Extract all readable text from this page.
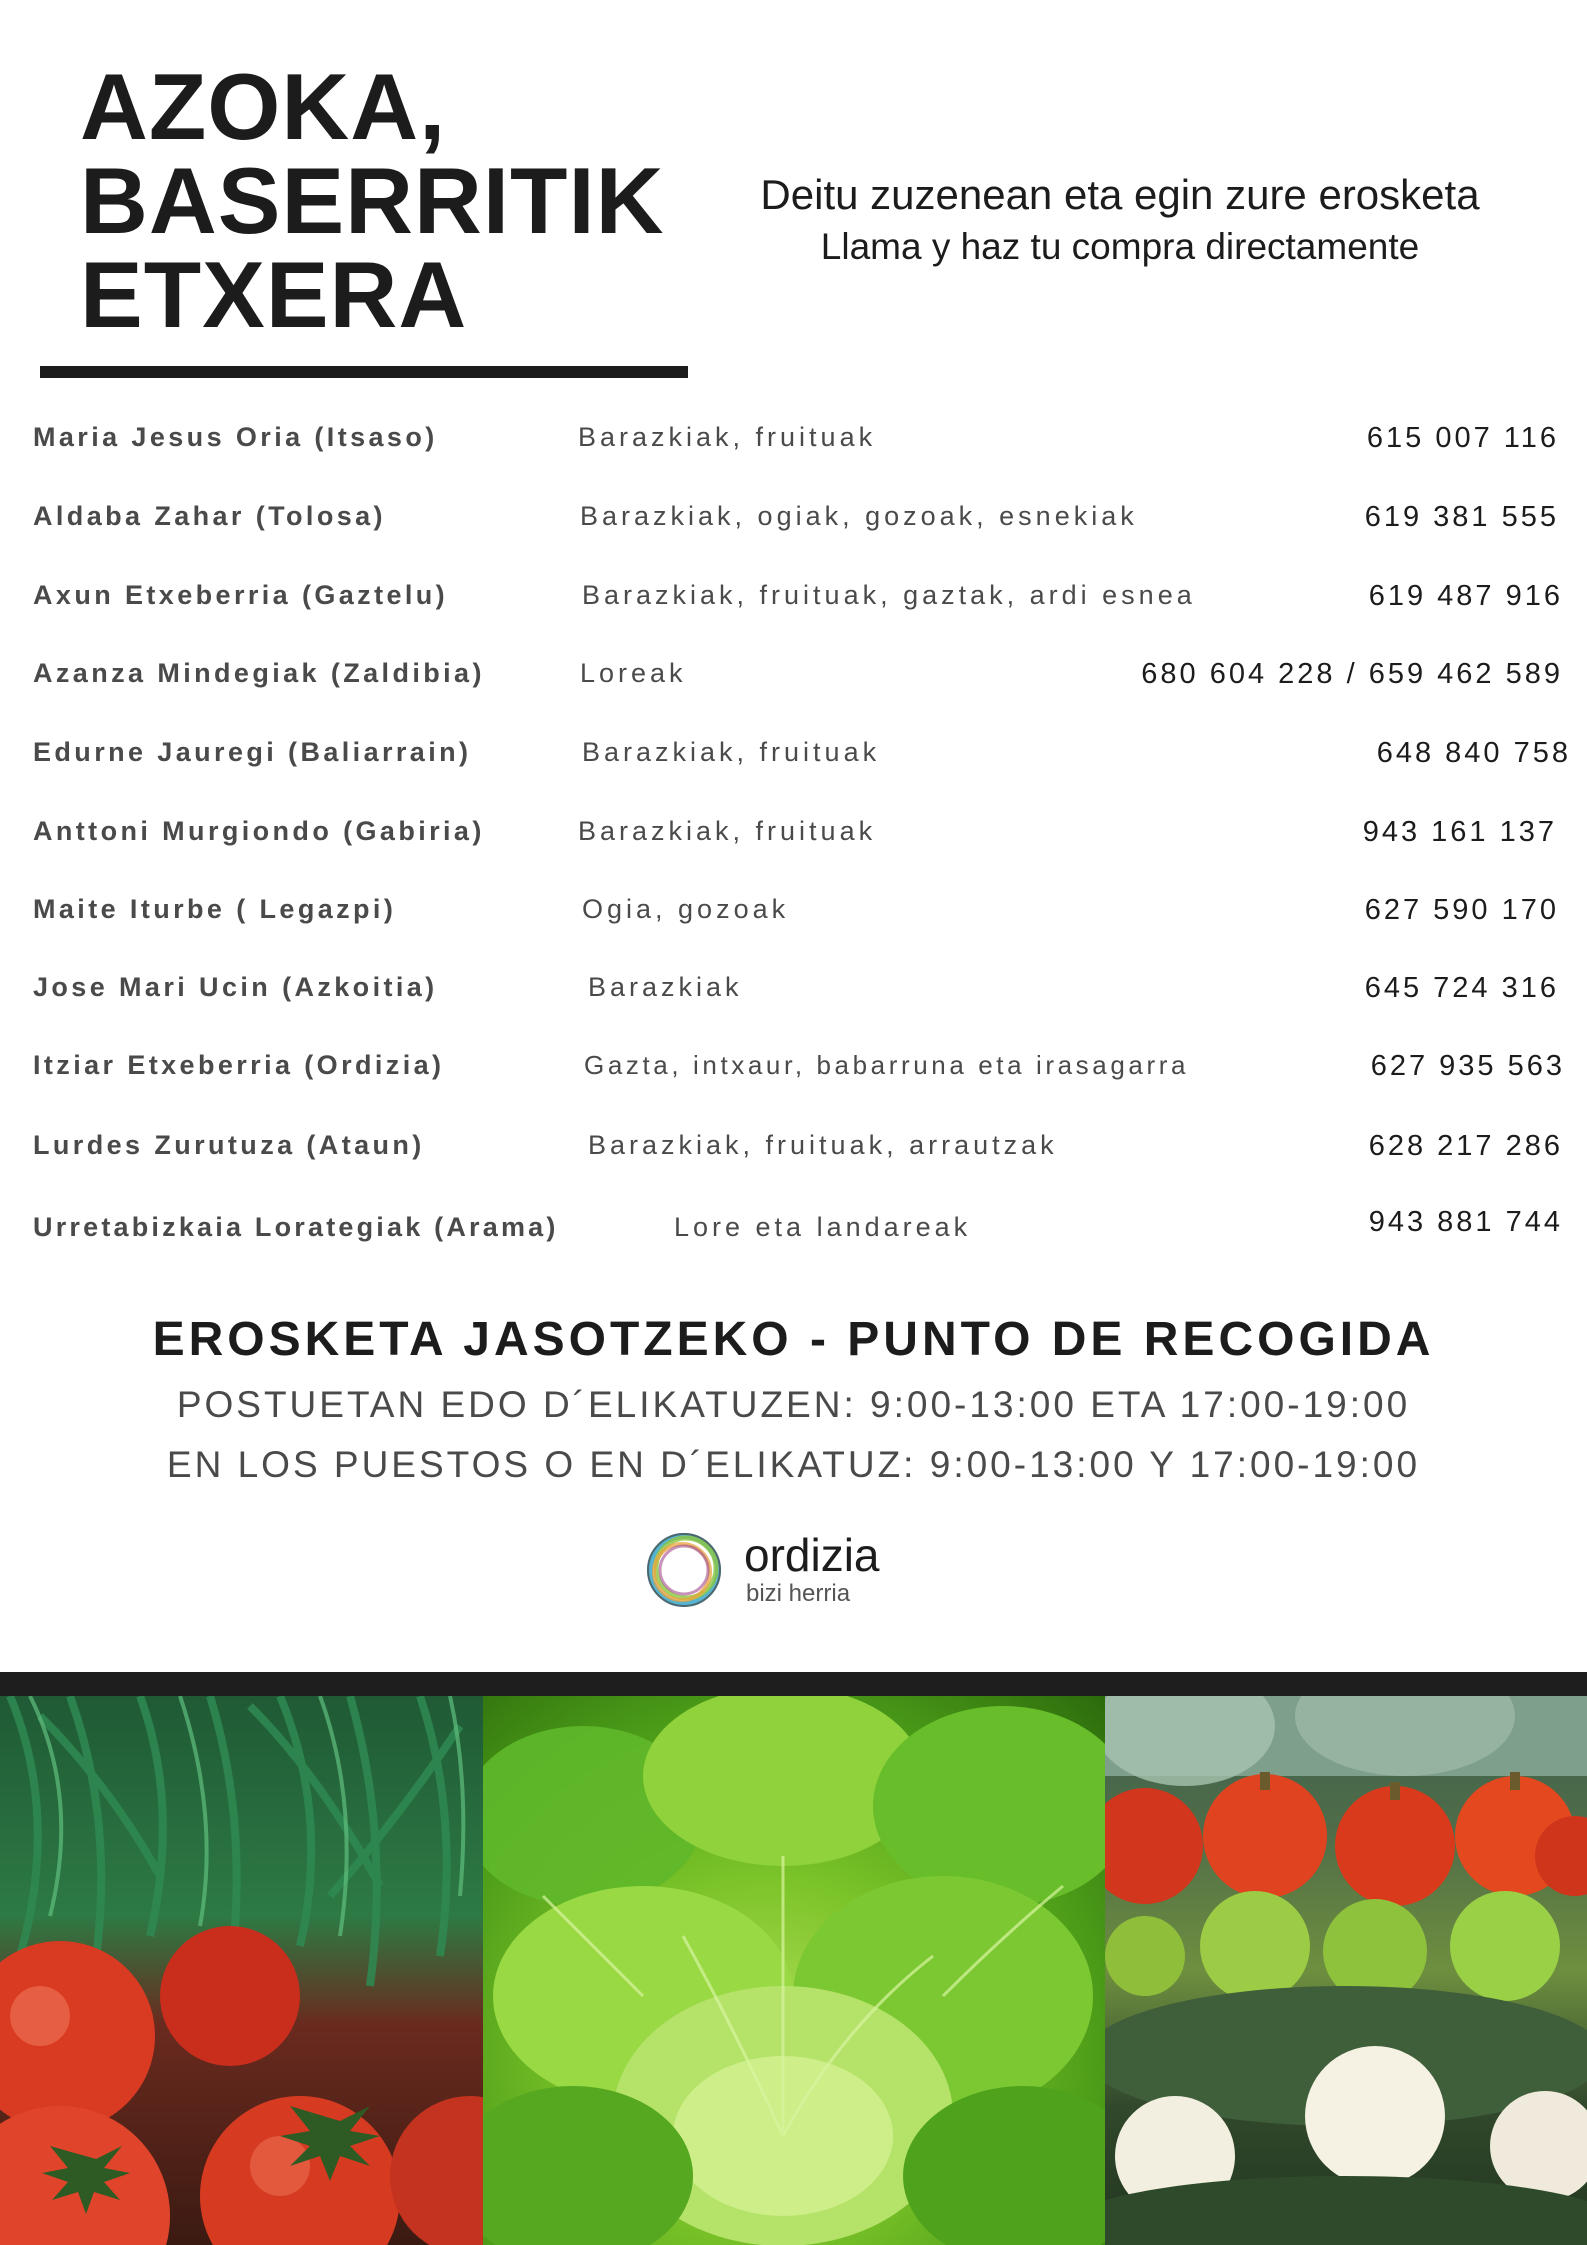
AZOKA,
BASERRITIK
ETXERA
Deitu zuzenean eta egin zure erosketa
Llama y haz tu compra directamente
Maria Jesus Oria (Itsaso)	Barazkiak, fruituak	615 007 116
Aldaba Zahar (Tolosa)	Barazkiak, ogiak, gozoak, esnekiak	619 381 555
Axun Etxeberria (Gaztelu)	Barazkiak, fruituak, gaztak, ardi esnea	619 487 916
Azanza Mindegiak (Zaldibia)	Loreak	680 604 228 / 659 462 589
Edurne Jauregi (Baliarrain)	Barazkiak, fruituak	648 840 758
Anttoni Murgiondo (Gabiria)	Barazkiak, fruituak	943 161 137
Maite Iturbe ( Legazpi)	Ogia, gozoak	627 590 170
Jose Mari Ucin (Azkoitia)	Barazkiak	645 724 316
Itziar Etxeberria (Ordizia)	Gazta, intxaur, babarruna eta irasagarra	627 935 563
Lurdes Zurutuza (Ataun)	Barazkiak, fruituak, arrautzak	628 217 286
Urretabizkaia Lorategiak (Arama)	Lore eta landareak	943 881 744
EROSKETA JASOTZEKO - PUNTO DE RECOGIDA
POSTUETAN EDO D´ELIKATUZEN: 9:00-13:00 ETA 17:00-19:00
EN LOS PUESTOS O EN D´ELIKATUZ: 9:00-13:00 Y 17:00-19:00
ordizia
bizi herria
